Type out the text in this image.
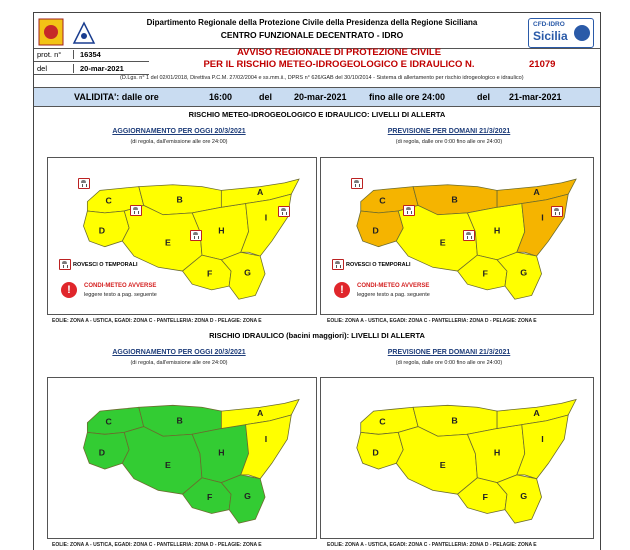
Dipartimento Regionale della Protezione Civile della Presidenza della Regione Siciliana
CENTRO FUNZIONALE DECENTRATO - IDRO
CFD-IDRO
Sicilia
prot. n° 16354
del	20-mar-2021
AVVISO REGIONALE DI PROTEZIONE CIVILE
PER IL RISCHIO METEO-IDROGEOLOGICO E IDRAULICO N.	21079
(D.Lgs. n° 1 del 02/01/2018, Direttiva P.C.M. 27/02/2004 e ss.mm.ii., DPRS n° 626/GAB del 30/10/2014 - Sistema di allertamento per rischio idrogeologico e idraulico)
VALIDITA': dalle ore	16:00	del 20-mar-2021 fino alle ore 24:00	del 21-mar-2021
RISCHIO METEO-IDROGEOLOGICO E IDRAULICO: LIVELLI DI ALLERTA
AGGIORNAMENTO PER OGGI 20/3/2021
(di regola, dall'emissione alle ore 24:00)
PREVISIONE PER DOMANI 21/3/2021
(di regola, dalle ore 0:00 fino alle ore 24:00)
C
D
B
E
H
A
I
F	G
ROVESCI O TEMPORALI
!	CONDI-METEO AVVERSE
leggere testo a pag. seguente
C
D
B
E
H
A
I
F	G
ROVESCI O TEMPORALI
!	CONDI-METEO AVVERSE
leggere testo a pag. seguente
EOLIE: ZONA A - USTICA, EGADI: ZONA C - PANTELLERIA: ZONA D - PELAGIE: ZONA E	EOLIE: ZONA A - USTICA, EGADI: ZONA C - PANTELLERIA: ZONA D - PELAGIE: ZONA E
RISCHIO IDRAULICO (bacini maggiori): LIVELLI DI ALLERTA
AGGIORNAMENTO PER OGGI 20/3/2021
(di regola, dall'emissione alle ore 24:00)
PREVISIONE PER DOMANI 21/3/2021
(di regola, dalle ore 0:00 fino alle ore 24:00)
C
D
B
E
H
A
I
F	G
C
D
B
E
H
A
I
F	G
EOLIE: ZONA A - USTICA, EGADI: ZONA C - PANTELLERIA: ZONA D - PELAGIE: ZONA E	EOLIE: ZONA A - USTICA, EGADI: ZONA C - PANTELLERIA: ZONA D - PELAGIE: ZONA E
